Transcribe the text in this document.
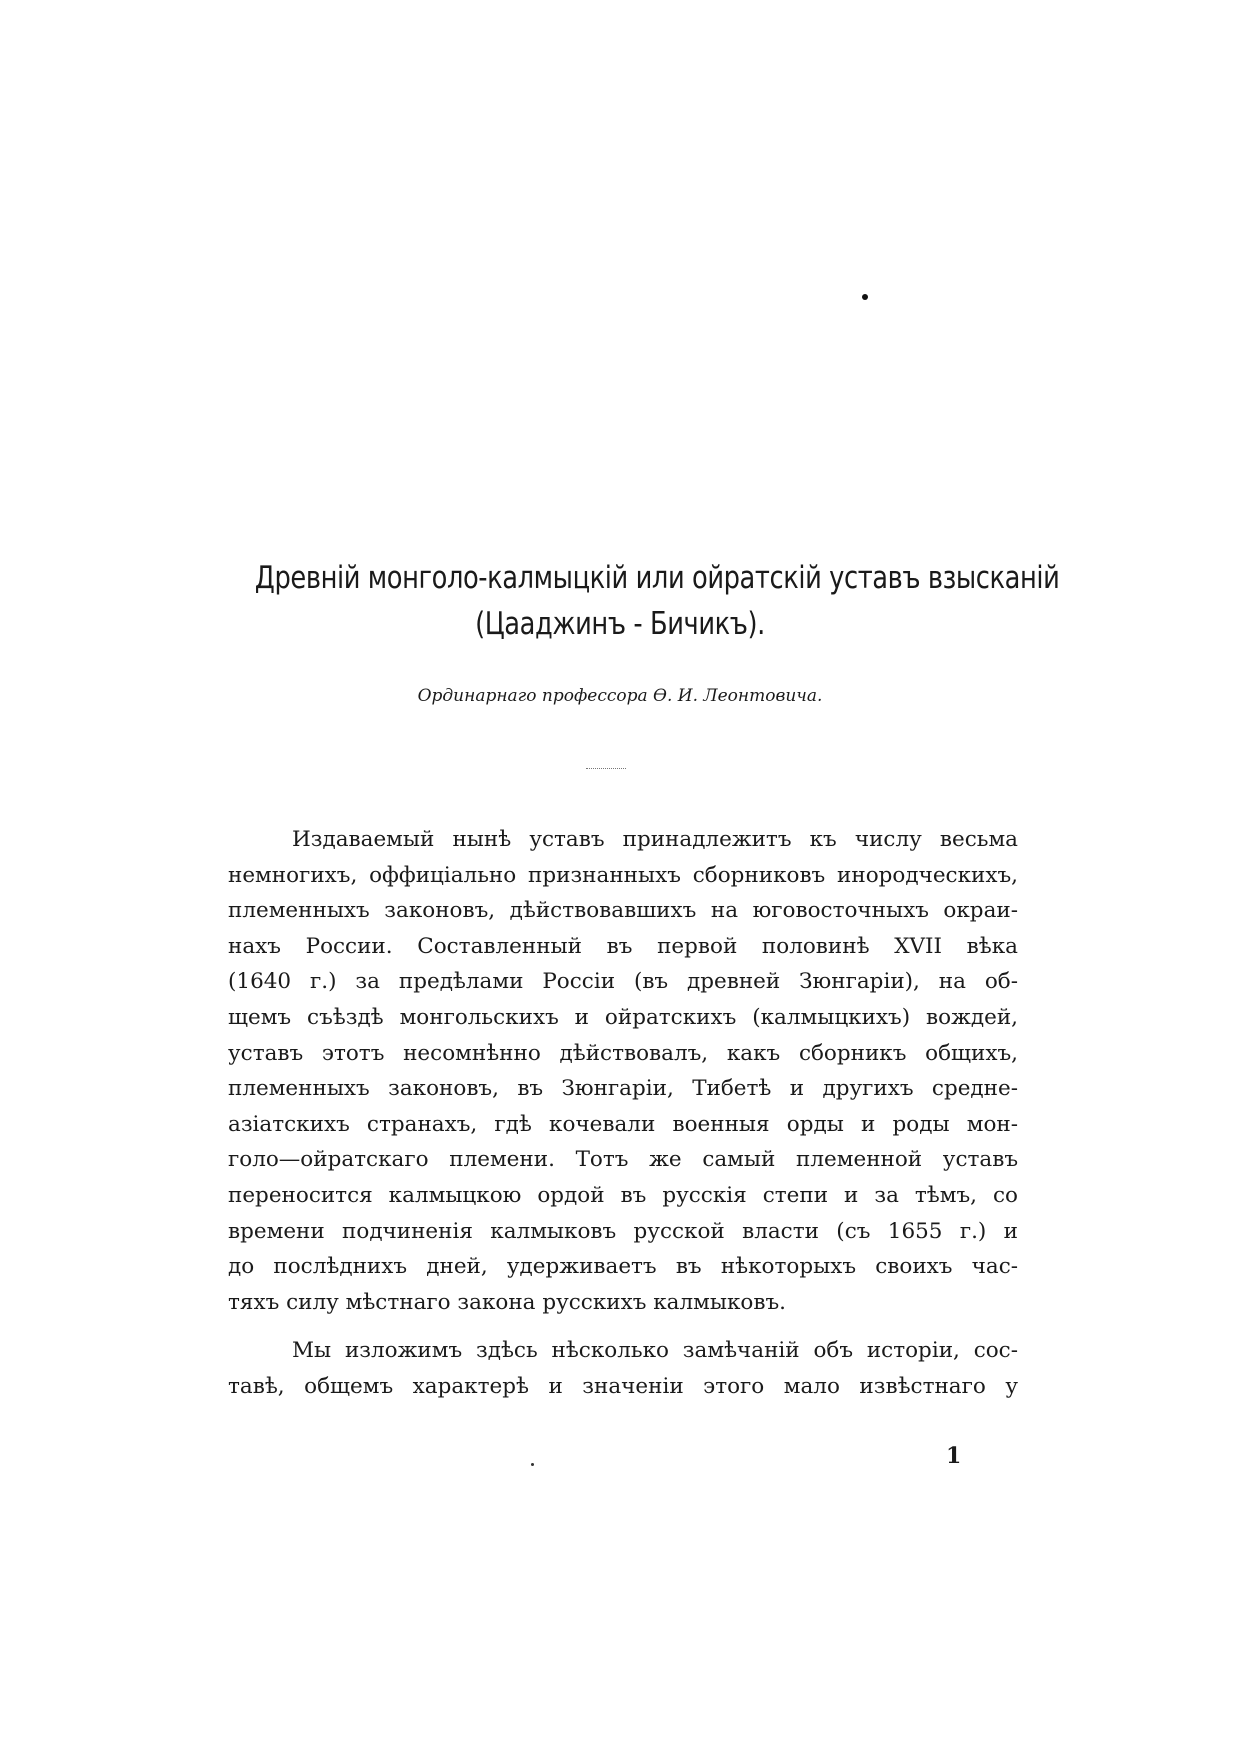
Древній монголо-калмыцкій или ойратскій уставъ взысканій
(Цааджинъ - Бичикъ).
Ординарнаго профессора Ѳ. И. Леонтовича.
Издаваемый нынѣ уставъ принадлежитъ къ числу весьма
немногихъ, оффиціально признанныхъ сборниковъ инородческихъ,
племенныхъ законовъ, дѣйствовавшихъ на юговосточныхъ окраи-
нахъ России. Составленный въ первой половинѣ XVII вѣка
(1640 г.) за предѣлами Россіи (въ древней Зюнгаріи), на об-
щемъ съѣздѣ монгольскихъ и ойратскихъ (калмыцкихъ) вождей,
уставъ этотъ несомнѣнно дѣйствовалъ, какъ сборникъ общихъ,
племенныхъ законовъ, въ Зюнгаріи, Тибетѣ и другихъ средне-
азіатскихъ странахъ, гдѣ кочевали военныя орды и роды мон-
голо—ойратскаго племени. Тотъ же самый племенной уставъ
переносится калмыцкою ордой въ русскія степи и за тѣмъ, со
времени подчиненія калмыковъ русской власти (съ 1655 г.) и
до послѣднихъ дней, удерживаетъ въ нѣкоторыхъ своихъ час-
тяхъ силу мѣстнаго закона русскихъ калмыковъ.
Мы изложимъ здѣсь нѣсколько замѣчаній объ исторіи, сос-
тавѣ, общемъ характерѣ и значеніи этого мало извѣстнаго у
1
